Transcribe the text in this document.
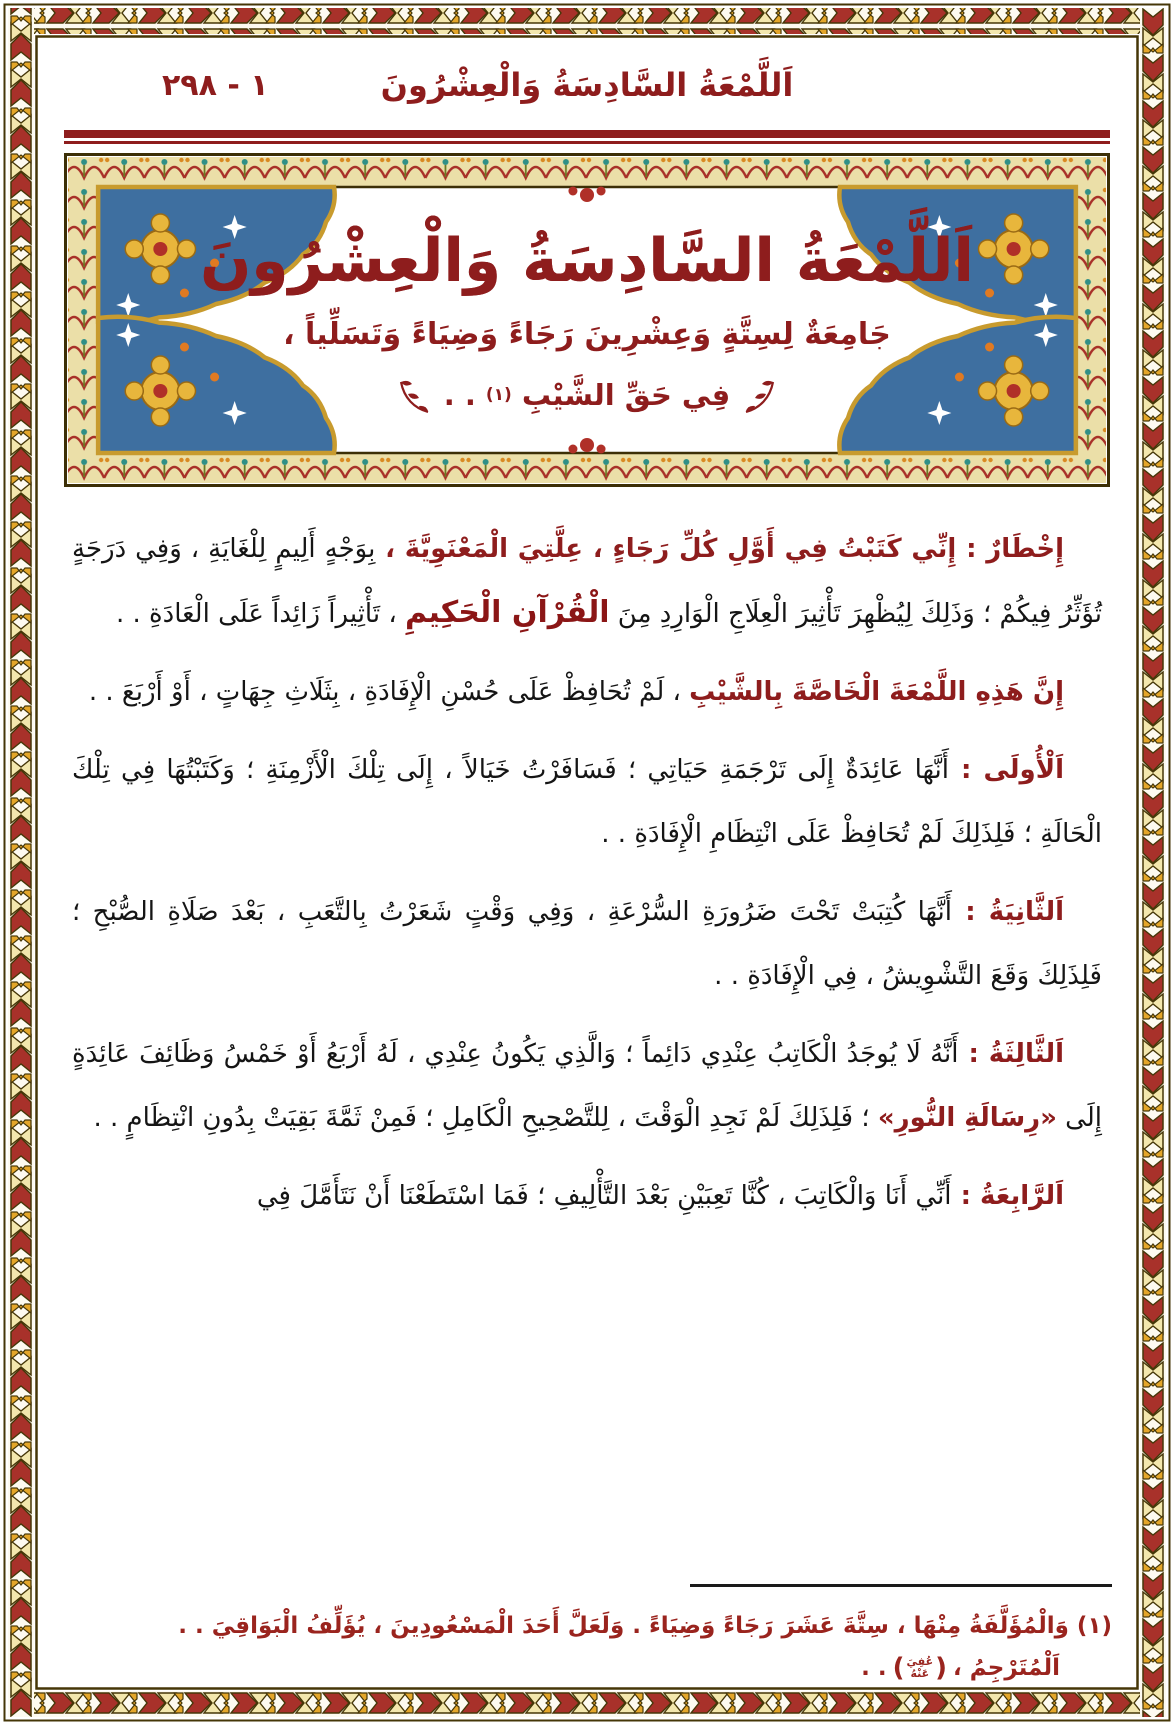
اَللَّمْعَةُ السَّادِسَةُ وَالْعِشْرُونَ
٢٩٨ - ١
اَللَّمْعَةُ السَّادِسَةُ وَالْعِشْرُونَ

جَامِعَةٌ لِسِتَّةٍ وَعِشْرِينَ رَجَاءً وَضِيَاءً وَتَسَلِّياً ،

فِي حَقِّ الشَّيْبِ
(١)
. .

إِخْطَارٌ : إِنِّي كَتَبْتُ فِي أَوَّلِ كُلِّ رَجَاءٍ ، عِلَّتِيَ الْمَعْنَوِيَّةَ ، بِوَجْهٍ أَلِيمٍ لِلْغَايَةِ ، وَفِي دَرَجَةٍ تُؤَثِّرُ فِيكُمْ ؛ وَذَلِكَ لِيُظْهِرَ تَأْثِيرَ الْعِلَاجِ الْوَارِدِ مِنَ الْقُرْآنِ الْحَكِيمِ ، تَأْثِيراً زَائِداً عَلَى الْعَادَةِ . .

إِنَّ هَذِهِ اللَّمْعَةَ الْخَاصَّةَ بِالشَّيْبِ ، لَمْ تُحَافِظْ عَلَى حُسْنِ الْإِفَادَةِ ، بِثَلَاثِ جِهَاتٍ ، أَوْ أَرْبَعَ . .

اَلْأُولَى : أَنَّهَا عَائِدَةٌ إِلَى تَرْجَمَةِ حَيَاتِي ؛ فَسَافَرْتُ خَيَالاً ، إِلَى تِلْكَ الْأَزْمِنَةِ ؛ وَكَتَبْتُهَا فِي تِلْكَ الْحَالَةِ ؛ فَلِذَلِكَ لَمْ تُحَافِظْ عَلَى انْتِظَامِ الْإِفَادَةِ . .

اَلثَّانِيَةُ : أَنَّهَا كُتِبَتْ تَحْتَ ضَرُورَةِ السُّرْعَةِ ، وَفِي وَقْتٍ شَعَرْتُ بِالتَّعَبِ ، بَعْدَ صَلَاةِ الصُّبْحِ ؛ فَلِذَلِكَ وَقَعَ التَّشْوِيشُ ، فِي الْإِفَادَةِ . .

اَلثَّالِثَةُ : أَنَّهُ لَا يُوجَدُ الْكَاتِبُ عِنْدِي دَائِماً ؛ وَالَّذِي يَكُونُ عِنْدِي ، لَهُ أَرْبَعُ أَوْ خَمْسُ وَظَائِفَ عَائِدَةٍ إِلَى «رِسَالَةِ النُّورِ» ؛ فَلِذَلِكَ لَمْ نَجِدِ الْوَقْتَ ، لِلتَّصْحِيحِ الْكَامِلِ ؛ فَمِنْ ثَمَّةَ بَقِيَتْ بِدُونِ انْتِظَامٍ . .

اَلرَّابِعَةُ : أَنِّي أَنَا وَالْكَاتِبَ ، كُنَّا تَعِبَيْنِ بَعْدَ التَّأْلِيفِ ؛ فَمَا اسْتَطَعْنَا أَنْ نَتَأَمَّلَ فِي

(١) وَالْمُؤَلَّفَةُ مِنْهَا ، سِتَّةَ عَشَرَ رَجَاءً وَضِيَاءً . وَلَعَلَّ أَحَدَ الْمَسْعُودِينَ ، يُؤَلِّفُ الْبَوَاقِيَ . .

اَلْمُتَرْجِمُ ،
(
عُفِيَ
عَنْهُ
)
. .
